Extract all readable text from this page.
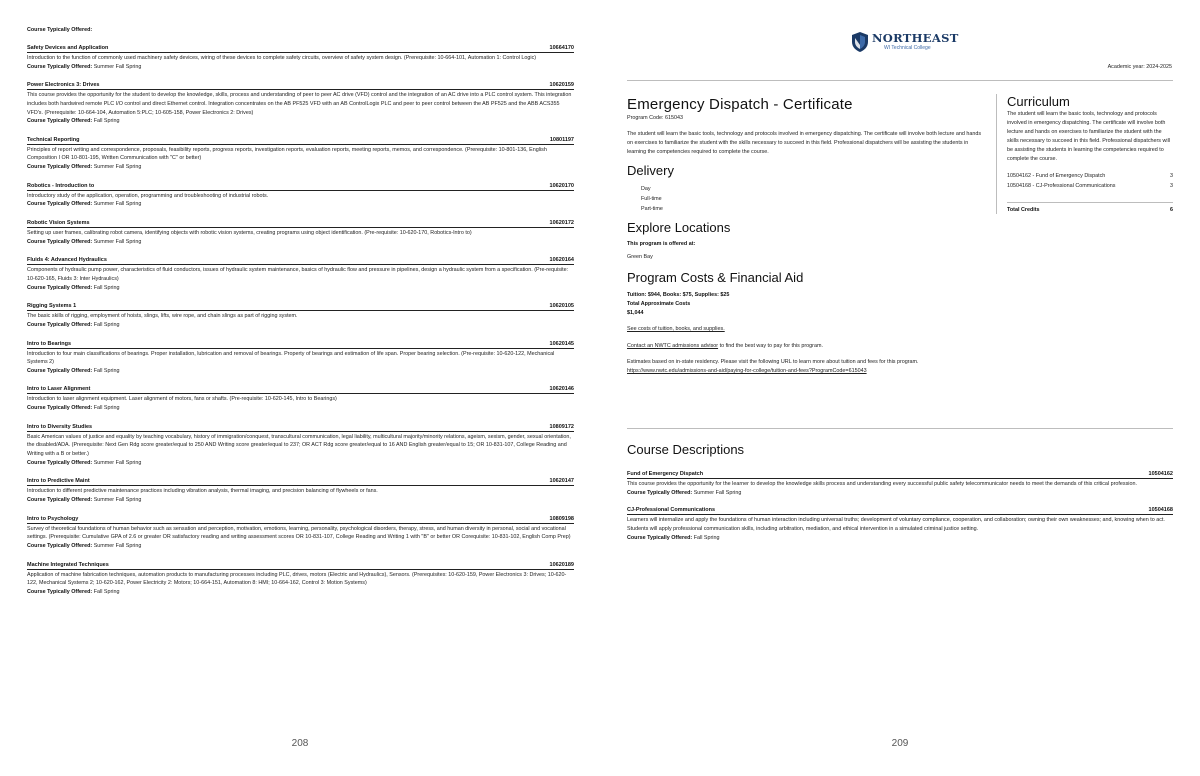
Course Typically Offered:
Safety Devices and Application	10664170
Introduction to the function of commonly used machinery safety devices, wiring of these devices to complete safety circuits, overview of safety system design. (Prerequisite: 10-664-101, Automation 1: Control Logic)
Course Typically Offered: Summer Fall Spring
Power Electronics 3: Drives	10620159
This course provides the opportunity for the student to develop the knowledge, skills, process and understanding of peer to peer AC drive (VFD) control and the integration of an AC drive into a PLC control system. This integration includes both hardwired remote PLC I/O control and direct Ethernet control. Integration concentrates on the AB PF525 VFD with an AB ControlLogix PLC and peer to peer control between the AB PF525 and the ABB ACS355 VFD's. (Prerequisite: 10-664-104, Automation 5:PLC; 10-605-158, Power Electronics 2: Drives)
Course Typically Offered: Fall Spring
Technical Reporting	10801197
Principles of report writing and correspondence, proposals, feasibility reports, progress reports, investigation reports, evaluation reports, meeting reports, memos, and correspondence. (Prerequisite: 10-801-136, English Composition I OR 10-801-195, Written Communication with "C" or better)
Course Typically Offered: Summer Fall Spring
Robotics - Introduction to	10620170
Introductory study of the application, operation, programming and troubleshooting of industrial robots.
Course Typically Offered: Summer Fall Spring
Robotic Vision Systems	10620172
Setting up user frames, calibrating robot camera, identifying objects with robotic vision systems, creating programs using object identification. (Pre-requisite: 10-620-170, Robotics-Intro to)
Course Typically Offered: Summer Fall Spring
Fluids 4: Advanced Hydraulics	10620164
Components of hydraulic pump power, characteristics of fluid conductors, issues of hydraulic system maintenance, basics of hydraulic flow and pressure in pipelines, design a hydraulic system from a specification. (Pre-requisite: 10-620-165, Fluids 3: Inter Hydraulics)
Course Typically Offered: Fall Spring
Rigging Systems 1	10620105
The basic skills of rigging, employment of hoists, slings, lifts, wire rope, and chain slings as part of rigging system.
Course Typically Offered: Fall Spring
Intro to Bearings	10620145
Introduction to four main classifications of bearings. Proper installation, lubrication and removal of bearings. Property of bearings and estimation of life span. Proper bearing selection. (Pre-requisite: 10-620-122, Mechanical Systems 2)
Course Typically Offered: Fall Spring
Intro to Laser Alignment	10620146
Introduction to laser alignment equipment. Laser alignment of motors, fans or shafts. (Pre-requisite: 10-620-145, Intro to Bearings)
Course Typically Offered: Fall Spring
Intro to Diversity Studies	10809172
Basic American values of justice and equality by teaching vocabulary, history of immigration/conquest, transcultural communication, legal liability, multicultural majority/minority relations, ageism, sexism, gender, sexual orientation, the disabled/ADA. (Prerequisite: Next Gen Rdg score greater/equal to 250 AND Writing score greater/equal to 237; OR ACT Rdg score greater/equal to 16 AND English greater/equal to 15; OR 10-831-107, College Reading and Writing with a B or better.)
Course Typically Offered: Summer Fall Spring
Intro to Predictive Maint	10620147
Introduction to different predictive maintenance practices including vibration analysis, thermal imaging, and precision balancing of flywheels or fans.
Course Typically Offered: Summer Fall Spring
Intro to Psychology	10809198
Survey of theoretical foundations of human behavior such as sensation and perception, motivation, emotions, learning, personality, psychological disorders, therapy, stress, and human diversity in personal, social and vocational settings. (Prerequisite: Cumulative GPA of 2.6 or greater OR satisfactory reading and writing assessment scores OR 10-831-107, College Reading and Writing 1 with "B" or better OR Corequisite: 10-831-102, English Comp Prep)
Course Typically Offered: Summer Fall Spring
Machine Integrated Techniques	10620189
Application of machine fabrication techniques, automation products to manufacturing processes including PLC, drives, motors (Electric and Hydraulics), Sensors. (Prerequisites: 10-620-159, Power Electronics 3: Drives; 10-620-122, Mechanical Systems 2; 10-620-162, Power Electricity 2: Motors; 10-664-151, Automation 8: HMI; 10-664-162, Control 3: Motion Systems)
Course Typically Offered: Fall Spring
208
NORTHEAST
WI Technical College
Academic year: 2024-2025
Emergency Dispatch - Certificate
Program Code: 615043

The student will learn the basic tools, technology and protocols involved in emergency dispatching. The certificate will involve both lecture and hands on exercises to familiarize the student with the skills necessary to succeed in this field. Professional dispatchers will be assisting the students in learning the competencies required to complete the course.

Delivery
Day
Full-time
Part-time
Explore Locations
This program is offered at:
Green Bay
Program Costs & Financial Aid
Tuition: $944, Books: $75, Supplies: $25
Total Approximate Costs
$1,044
See costs of tuition, books, and supplies.

Contact an NWTC admissions advisor to find the best way to pay for this program.

Estimates based on in-state residency. Please visit the following URL to learn more about tuition and fees for this program.
https://www.nwtc.edu/admissions-and-aid/paying-for-college/tuition-and-fees?ProgramCode=615043

Curriculum

The student will learn the basic tools, technology and protocols involved in emergency dispatching. The certificate will involve both lecture and hands on exercises to familiarize the student with the skills necessary to succeed in this field. Professional dispatchers will be assisting the students in learning the competencies required to complete the course.

10504162 - Fund of Emergency Dispatch	3
10504168 - CJ-Professional Communications	3
Total Credits	6
Course Descriptions
Fund of Emergency Dispatch	10504162
This course provides the opportunity for the learner to develop the knowledge skills process and understanding every successful public safety telecommunicator needs to meet the demands of this critical profession.
Course Typically Offered: Summer Fall Spring
CJ-Professional Communications	10504168
Learners will internalize and apply the foundations of human interaction including universal truths; development of voluntary compliance, cooperation, and collaboration; owning their own weaknesses; and, knowing when to act. Students will apply professional communication skills, including arbitration, mediation, and ethical intervention in a simulated criminal justice setting.
Course Typically Offered: Fall Spring
209
